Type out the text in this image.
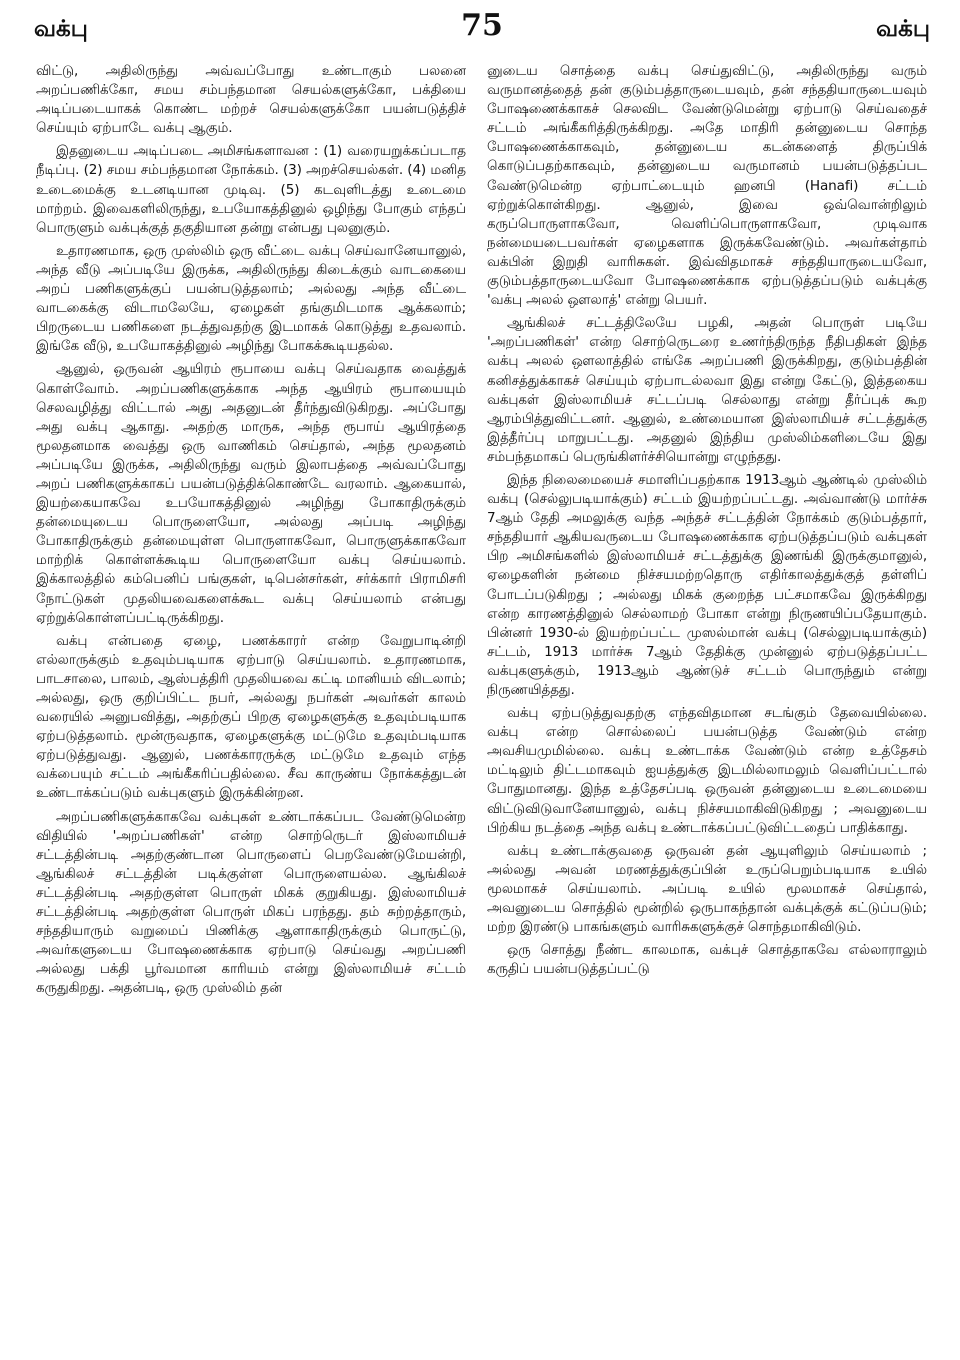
வக்பு	75	வக்பு

விட்டு, அதிலிருந்து அவ்வப்போது உண்டாகும் பலனை அறப்பணிக்கோ, சமய சம்பந்தமான செயல்களுக்கோ, பக்தியை அடிப்படையாகக் கொண்ட மற்றச் செயல்களுக்கோ பயன்படுத்திச் செய்யும் ஏற்பாடே வக்பு ஆகும்.

இதனுடைய அடிப்படை அமிசங்களாவன : (1) வரையறுக்கப்படாத நீடிப்பு. (2) சமய சம்பந்தமான நோக்கம். (3) அறச்செயல்கள். (4) மனித உடைமைக்கு உடனடியான முடிவு. (5) கடவுளிடத்து உடைமை மாற்றம். இவைகளிலிருந்து, உபயோகத்தினுல் ஒழிந்து போகும் எந்தப் பொருளும் வக்புக்குத் தகுதியான தன்று என்பது புலனுகும்.

உதாரணமாக, ஒரு முஸ்லிம் ஒரு வீட்டை வக்பு செய்வானேயானுல், அந்த வீடு அப்படியே இருக்க, அதிலிருந்து கிடைக்கும் வாடகையை அறப் பணிகளுக்குப் பயன்படுத்தலாம்; அல்லது அந்த வீட்டை வாடகைக்கு விடாமலேயே, ஏழைகள் தங்குமிடமாக ஆக்கலாம்; பிறருடைய பணிகளை நடத்துவதற்கு இடமாகக் கொடுத்து உதவலாம். இங்கே வீடு, உபயோகத்தினுல் அழிந்து போகக்கூடியதல்ல.

ஆனுல், ஒருவன் ஆயிரம் ரூபாயை வக்பு செய்வதாக வைத்துக் கொள்வோம். அறப்பணிகளுக்காக அந்த ஆயிரம் ரூபாயையும் செலவழித்து விட்டால் அது அதனுடன் தீர்ந்துவிடுகிறது. அப்போது அது வக்பு ஆகாது. அதற்கு மாருக, அந்த ரூபாய் ஆயிரத்தை மூலதனமாக வைத்து ஒரு வாணிகம் செய்தால், அந்த மூலதனம் அப்படியே இருக்க, அதிலிருந்து வரும் இலாபத்தை அவ்வப்போது அறப் பணிகளுக்காகப் பயன்படுத்திக்கொண்டே வரலாம். ஆகையால், இயற்கையாகவே உபயோகத்தினுல் அழிந்து போகாதிருக்கும் தன்மையுடைய பொருளையோ, அல்லது அப்படி அழிந்து போகாதிருக்கும் தன்மையுள்ள பொருளாகவோ, பொருளுக்காகவோ மாற்றிக் கொள்ளக்கூடிய பொருளையோ வக்பு செய்யலாம். இக்காலத்தில் கம்பெனிப் பங்குகள், டிபென்சர்கள், சர்க்கார் பிராமிசரி நோட்டுகள் முதலியவைகளைக்கூட வக்பு செய்யலாம் என்பது ஏற்றுக்கொள்ளப்பட்டிருக்கிறது.

வக்பு என்பதை ஏழை, பணக்காரர் என்ற வேறுபாடின்றி எல்லாருக்கும் உதவும்படியாக ஏற்பாடு செய்யலாம். உதாரணமாக, பாடசாலை, பாலம், ஆஸ்பத்திரி முதலியவை கட்டி மானியம் விடலாம்; அல்லது, ஒரு குறிப்பிட்ட நபர், அல்லது நபர்கள் அவர்கள் காலம் வரையில் அனுபவித்து, அதற்குப் பிறகு ஏழைகளுக்கு உதவும்படியாக ஏற்படுத்தலாம். மூன்ருவதாக, ஏழைகளுக்கு மட்டுமே உதவும்படியாக ஏற்படுத்துவது. ஆனுல், பணக்காரருக்கு மட்டுமே உதவும் எந்த வக்பையும் சட்டம் அங்கீகரிப்பதில்லை. சீவ காருண்ய நோக்கத்துடன் உண்டாக்கப்படும் வக்புகளும் இருக்கின்றன.

அறப்பணிகளுக்காகவே வக்புகள் உண்டாக்கப்பட வேண்டுமென்ற விதியில் 'அறப்பணிகள்' என்ற சொற்ருெடர் இஸ்லாமியச் சட்டத்தின்படி அதற்குண்டான பொருளைப் பெறவேண்டுமேயன்றி, ஆங்கிலச் சட்டத்தின் படிக்குள்ள பொருளையல்ல. ஆங்கிலச் சட்டத்தின்படி அதற்குள்ள பொருள் மிகக் குறுகியது. இஸ்லாமியச் சட்டத்தின்படி அதற்குள்ள பொருள் மிகப் பரந்தது. தம் சுற்றத்தாரும், சந்ததியாரும் வறுமைப் பிணிக்கு ஆளாகாதிருக்கும் பொருட்டு, அவர்களுடைய போஷணைக்காக ஏற்பாடு செய்வது அறப்பணி அல்லது பக்தி பூர்வமான காரியம் என்று இஸ்லாமியச் சட்டம் கருதுகிறது. அதன்படி, ஒரு முஸ்லிம் தன்

னுடைய சொத்தை வக்பு செய்துவிட்டு, அதிலிருந்து வரும் வருமானத்தைத் தன் குடும்பத்தாருடையவும், தன் சந்ததியாருடையவும் போஷணைக்காகச் செலவிட வேண்டுமென்று ஏற்பாடு செய்வதைச் சட்டம் அங்கீகரித்திருக்கிறது. அதே மாதிரி தன்னுடைய சொந்த போஷணைக்காகவும், தன்னுடைய கடன்களைத் திருப்பிக் கொடுப்பதற்காகவும், தன்னுடைய வருமானம் பயன்படுத்தப்பட வேண்டுமென்ற ஏற்பாட்டையும் ஹனபி (Hanafi) சட்டம் ஏற்றுக்கொள்கிறது. ஆனுல், இவை ஒவ்வொன்றிலும் கருப்பொருளாகவோ, வெளிப்பொருளாகவோ, முடிவாக நன்மையடைபவர்கள் ஏழைகளாக இருக்கவேண்டும். அவர்கள்தாம் வக்பின் இறுதி வாரிசுகள். இவ்விதமாகச் சந்ததியாருடையவோ, குடும்பத்தாருடையவோ போஷணைக்காக ஏற்படுத்தப்படும் வக்புக்கு 'வக்பு அலல் ஔலாத்' என்று பெயர்.

ஆங்கிலச் சட்டத்திலேயே பழகி, அதன் பொருள் படியே 'அறப்பணிகள்' என்ற சொற்ருெடரை உணர்ந்திருந்த நீதிபதிகள் இந்த வக்பு அலல் ஔலாத்தில் எங்கே அறப்பணி இருக்கிறது, குடும்பத்தின் கனிசத்துக்காகச் செய்யும் ஏற்பாடல்லவா இது என்று கேட்டு, இத்தகைய வக்புகள் இஸ்லாமியச் சட்டப்படி செல்லாது என்று தீர்ப்புக் கூற ஆரம்பித்துவிட்டனர். ஆனுல், உண்மையான இஸ்லாமியச் சட்டத்துக்கு இத்தீர்ப்பு மாறுபட்டது. அதனுல் இந்திய முஸ்லிம்களிடையே இது சம்பந்தமாகப் பெருங்கிளர்ச்சியொன்று எழுந்தது.

இந்த நிலைமையைச் சமாளிப்பதற்காக 1913ஆம் ஆண்டில் முஸ்லிம் வக்பு (செல்லுபடியாக்கும்) சட்டம் இயற்றப்பட்டது. அவ்வாண்டு மார்ச்சு 7ஆம் தேதி அமலுக்கு வந்த அந்தச் சட்டத்தின் நோக்கம் குடும்பத்தார், சந்ததியார் ஆகியவருடைய போஷணைக்காக ஏற்படுத்தப்படும் வக்புகள் பிற அமிசங்களில் இஸ்லாமியச் சட்டத்துக்கு இணங்கி இருக்குமானுல், ஏழைகளின் நன்மை நிச்சயமற்றதொரு எதிர்காலத்துக்குத் தள்ளிப் போடப்படுகிறது ; அல்லது மிகக் குறைந்த பட்சமாகவே இருக்கிறது என்ற காரணத்தினுல் செல்லாமற் போகா என்று நிருணயிப்பதேயாகும். பின்னர் 1930-ல் இயற்றப்பட்ட முஸல்மான் வக்பு (செல்லுபடியாக்கும்) சட்டம், 1913 மார்ச்சு 7ஆம் தேதிக்கு முன்னுல் ஏற்படுத்தப்பட்ட வக்புகளுக்கும், 1913ஆம் ஆண்டுச் சட்டம் பொருந்தும் என்று நிருணயித்தது.

வக்பு ஏற்படுத்துவதற்கு எந்தவிதமான சடங்கும் தேவையில்லை. வக்பு என்ற சொல்லைப் பயன்படுத்த வேண்டும் என்ற அவசியமுமில்லை. வக்பு உண்டாக்க வேண்டும் என்ற உத்தேசம் மட்டிலும் திட்டமாகவும் ஐயத்துக்கு இடமில்லாமலும் வெளிப்பட்டால் போதுமானது. இந்த உத்தேசப்படி ஒருவன் தன்னுடைய உடைமையை விட்டுவிடுவானேயானுல், வக்பு நிச்சயமாகிவிடுகிறது ; அவனுடைய பிற்கிய நடத்தை அந்த வக்பு உண்டாக்கப்பட்டுவிட்டதைப் பாதிக்காது.

வக்பு உண்டாக்குவதை ஒருவன் தன் ஆயுளிலும் செய்யலாம் ; அல்லது அவன் மரணத்துக்குப்பின் உருப்பெறும்படியாக உயில் மூலமாகச் செய்யலாம். அப்படி உயில் மூலமாகச் செய்தால், அவனுடைய சொத்தில் மூன்றில் ஒருபாகந்தான் வக்புக்குக் கட்டுப்படும்; மற்ற இரண்டு பாகங்களும் வாரிசுகளுக்குச் சொந்தமாகிவிடும்.

ஒரு சொத்து நீண்ட காலமாக, வக்புச் சொத்தாகவே எல்லாராலும் கருதிப் பயன்படுத்தப்பட்டு
